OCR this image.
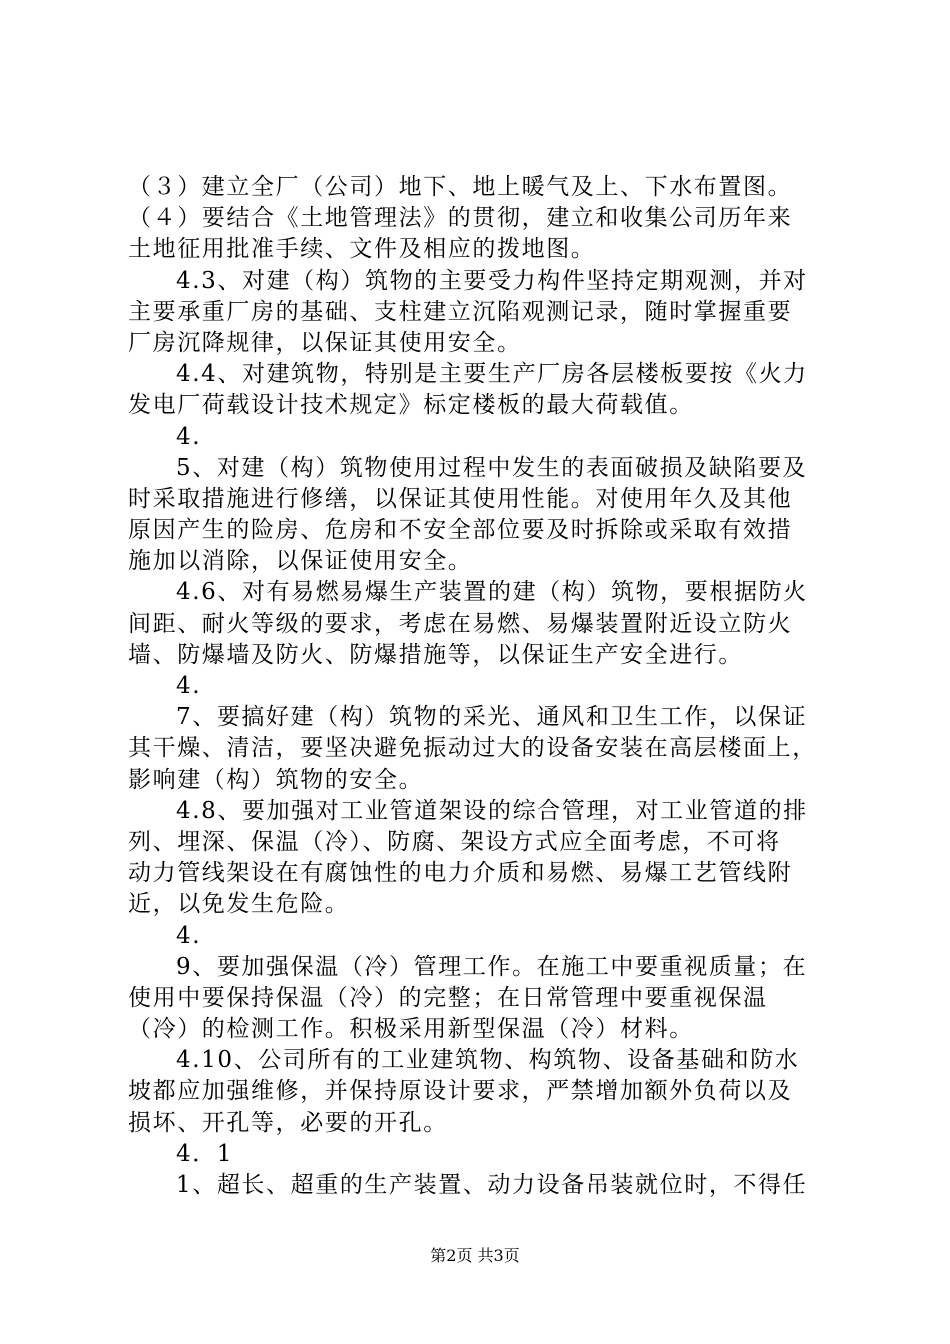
（３）建立全厂（公司）地下、地上暖气及上、下水布置图。
（４）要结合《土地管理法》的贯彻，建立和收集公司历年来
土地征用批准手续、文件及相应的拨地图。
4.3、对建（构）筑物的主要受力构件坚持定期观测，并对
主要承重厂房的基础、支柱建立沉陷观测记录，随时掌握重要
厂房沉降规律，以保证其使用安全。
4.4、对建筑物，特别是主要生产厂房各层楼板要按《火力
发电厂荷载设计技术规定》标定楼板的最大荷载值。
4.
5、对建（构）筑物使用过程中发生的表面破损及缺陷要及
时采取措施进行修缮，以保证其使用性能。对使用年久及其他
原因产生的险房、危房和不安全部位要及时拆除或采取有效措
施加以消除，以保证使用安全。
4.6、对有易燃易爆生产装置的建（构）筑物，要根据防火
间距、耐火等级的要求，考虑在易燃、易爆装置附近设立防火
墙、防爆墙及防火、防爆措施等，以保证生产安全进行。
4.
7、要搞好建（构）筑物的采光、通风和卫生工作，以保证
其干燥、清洁，要坚决避免振动过大的设备安装在高层楼面上，
影响建（构）筑物的安全。
4.8、要加强对工业管道架设的综合管理，对工业管道的排
列、埋深、保温（冷）、防腐、架设方式应全面考虑，不可将
动力管线架设在有腐蚀性的电力介质和易燃、易爆工艺管线附
近，以免发生危险。
4.
9、要加强保温（冷）管理工作。在施工中要重视质量；在
使用中要保持保温（冷）的完整；在日常管理中要重视保温
（冷）的检测工作。积极采用新型保温（冷）材料。
4.10、公司所有的工业建筑物、构筑物、设备基础和防水
坡都应加强维修，并保持原设计要求，严禁增加额外负荷以及
损坏、开孔等，必要的开孔。
4．1
1、超长、超重的生产装置、动力设备吊装就位时，不得任
第2页 共3页
